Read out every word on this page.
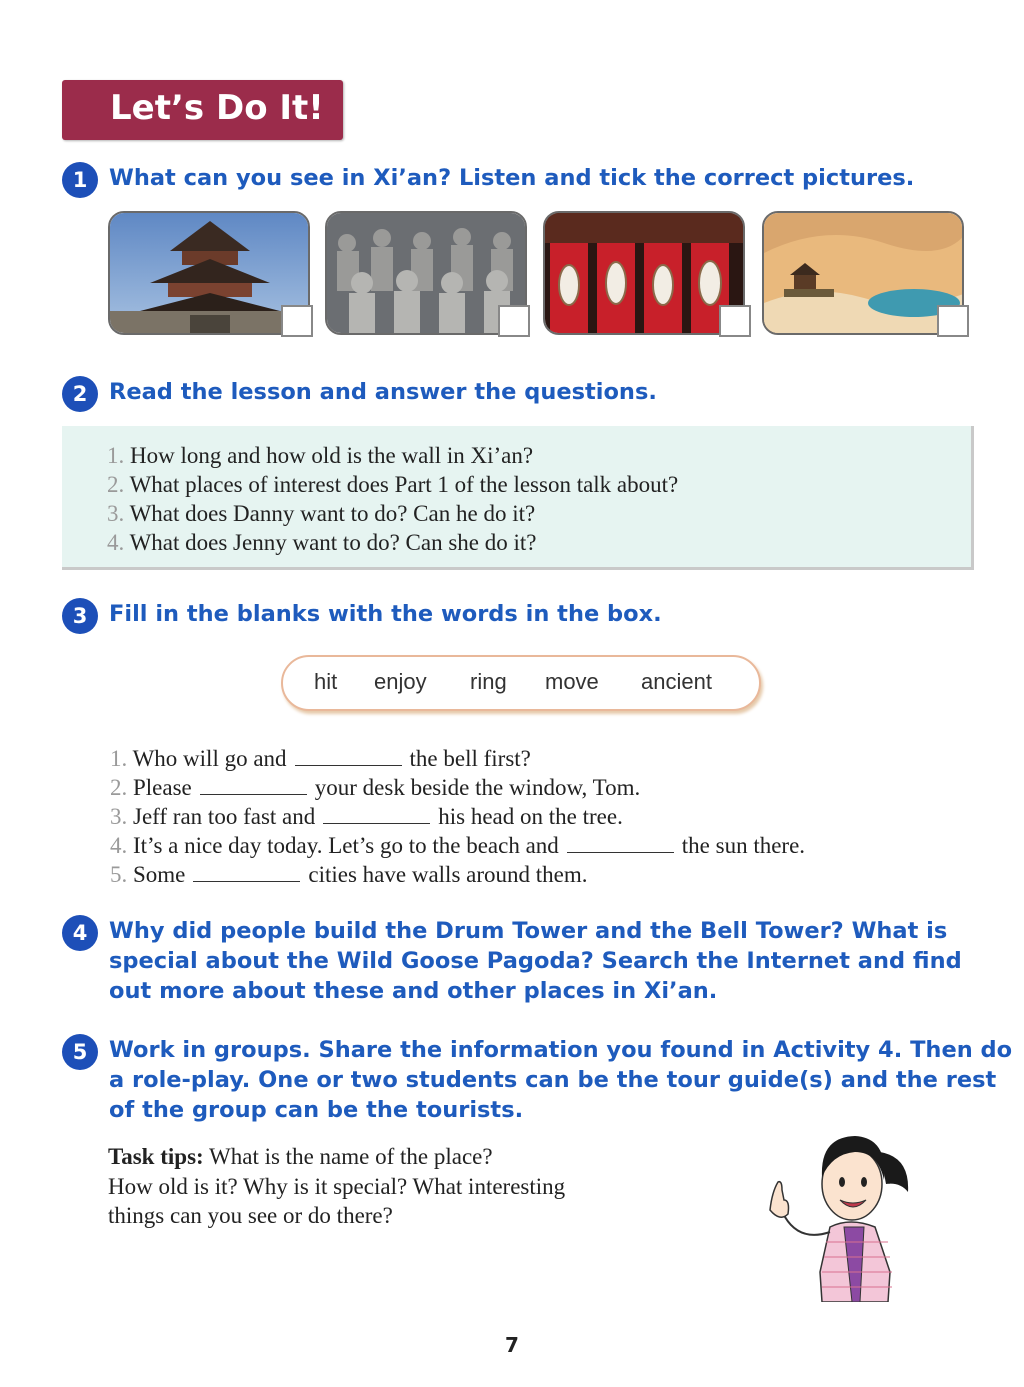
Let’s Do It!
1 What can you see in Xi’an? Listen and tick the correct pictures.
2 Read the lesson and answer the questions.
1. How long and how old is the wall in Xi’an?
2. What places of interest does Part 1 of the lesson talk about?
3. What does Danny want to do? Can he do it?
4. What does Jenny want to do? Can she do it?
3 Fill in the blanks with the words in the box.
hit enjoy ring move ancient
1. Who will go and	the bell first?
2. Please	your desk beside the window, Tom.
3. Jeff ran too fast and	his head on the tree.
4. It’s a nice day today. Let’s go to the beach and	the sun there.
5. Some	cities have walls around them.
4 Why did people build the Drum Tower and the Bell Tower? What is
special about the Wild Goose Pagoda? Search the Internet and find
out more about these and other places in Xi’an.
5 Work in groups. Share the information you found in Activity 4. Then do
a role-play. One or two students can be the tour guide(s) and the rest
of the group can be the tourists.
Task tips: What is the name of the place?
How old is it? Why is it special? What interesting
things can you see or do there?
7
